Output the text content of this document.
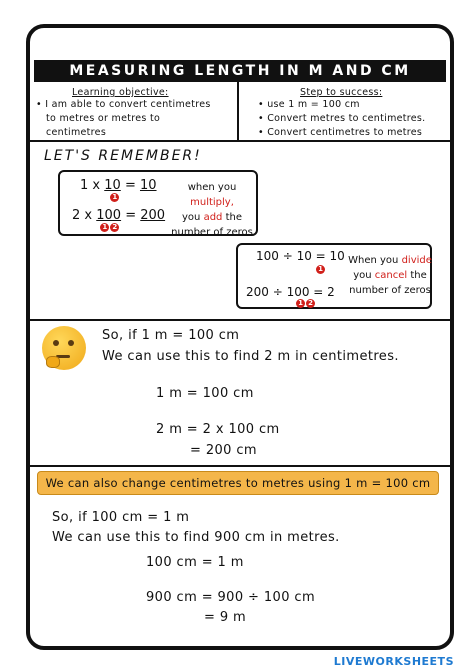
MEASURING LENGTH IN M AND CM
Learning objective:
• I am able to convert centimetres
to metres or metres to
centimetres
Step to success:
• use 1 m = 100 cm
• Convert metres to centimetres.
• Convert centimetres to metres
LET'S REMEMBER!
1 x 10
1
= 10
2 x 100
1 2
= 200
when you multiply,
you add the
number of zeros
100 ÷ 10 = 10
1
200 ÷ 100 = 2
1 2
When you divide
you cancel the
number of zeros
So, if 1 m = 100 cm
We can use this to find 2 m in centimetres.
1 m = 100 cm
2 m = 2 x 100 cm
= 200 cm
We can also change centimetres to metres using 1 m = 100 cm
So, if 100 cm = 1 m
We can use this to find 900 cm in metres.
100 cm = 1 m
900 cm = 900 ÷ 100 cm
= 9 m
LIVEWORKSHEETS
